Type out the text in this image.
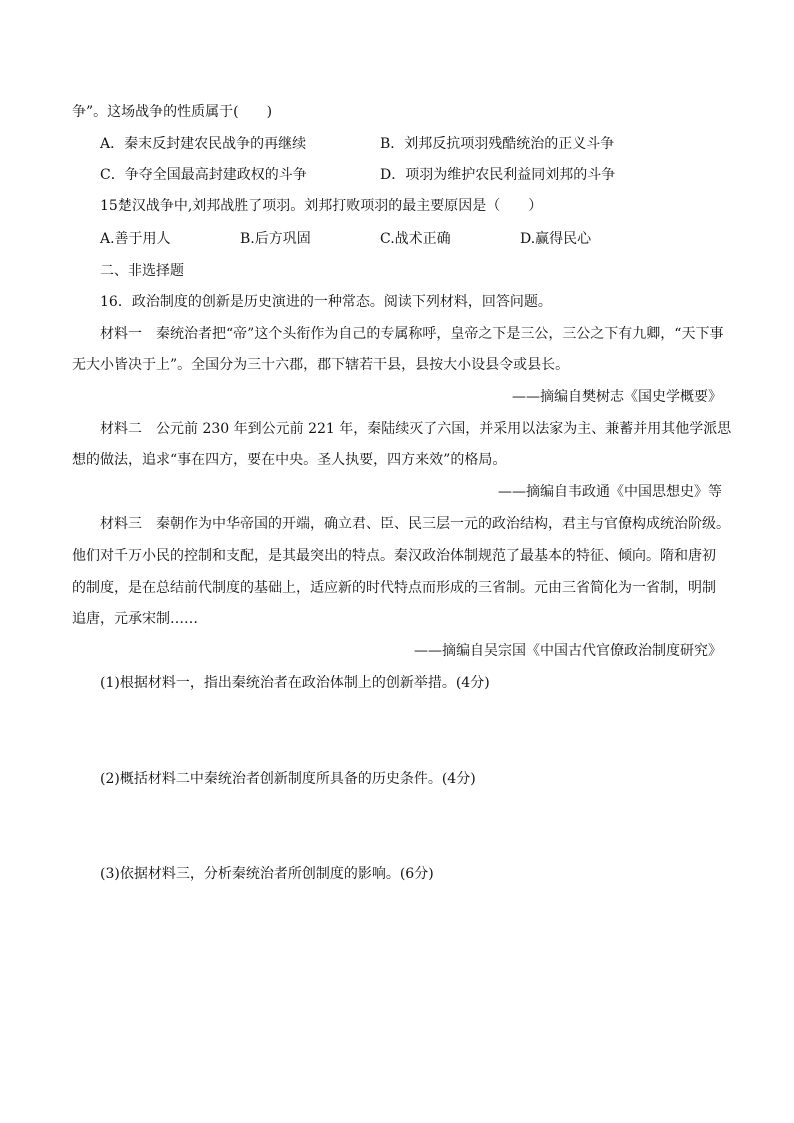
争”。这场战争的性质属于(　　)
A．秦末反封建农民战争的再继续	B．刘邦反抗项羽残酷统治的正义斗争
C．争夺全国最高封建政权的斗争	D．项羽为维护农民利益同刘邦的斗争
15楚汉战争中,刘邦战胜了项羽。刘邦打败项羽的最主要原因是（　　）
A.善于用人	B.后方巩固	C.战术正确	D.赢得民心
二、非选择题
16．政治制度的创新是历史演进的一种常态。阅读下列材料，回答问题。
材料一　秦统治者把“帝”这个头衔作为自己的专属称呼，皇帝之下是三公，三公之下有九卿，“天下事
无大小皆决于上”。全国分为三十六郡，郡下辖若干县，县按大小设县令或县长。
——摘编自樊树志《国史学概要》
材料二　公元前 230 年到公元前 221 年，秦陆续灭了六国，并采用以法家为主、兼蓄并用其他学派思
想的做法，追求“事在四方，要在中央。圣人执要，四方来效”的格局。
——摘编自韦政通《中国思想史》等
材料三　秦朝作为中华帝国的开端，确立君、臣、民三层一元的政治结构，君主与官僚构成统治阶级。
他们对千万小民的控制和支配，是其最突出的特点。秦汉政治体制规范了最基本的特征、倾向。隋和唐初
的制度，是在总结前代制度的基础上，适应新的时代特点而形成的三省制。元由三省简化为一省制，明制
追唐，元承宋制……
——摘编自吴宗国《中国古代官僚政治制度研究》
(1)根据材料一，指出秦统治者在政治体制上的创新举措。(4分)
(2)概括材料二中秦统治者创新制度所具备的历史条件。(4分)
(3)依据材料三，分析秦统治者所创制度的影响。(6分)
